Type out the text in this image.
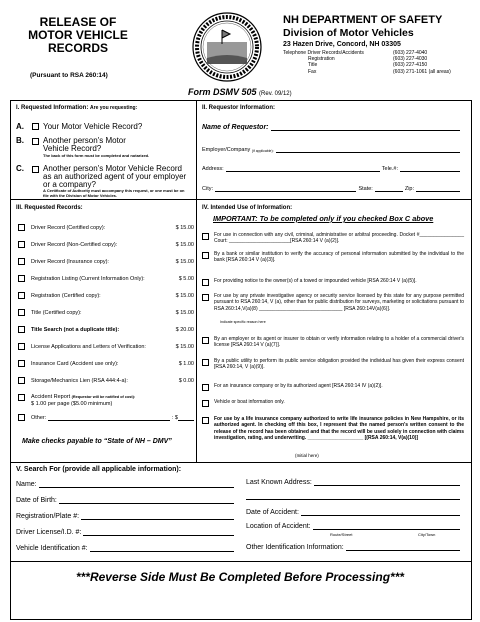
RELEASE OF
MOTOR VEHICLE
RECORDS
(Pursuant to RSA 260:14)
NH DEPARTMENT OF SAFETY
Division of Motor Vehicles
23 Hazen Drive, Concord, NH 03305
Telephone Driver Records/Accidents	(603) 227-4040
Registration	(603) 227-4030
Title	(603) 227-4150
Fax	(603) 271-1061 (all areas)
Form DSMV 505 (Rev. 09/12)
I. Requested Information: Are you requesting:
A.	Your Motor Vehicle Record?
B.	Another person's Motor Vehicle Record?
The back of this form must be completed and notarized.
C.	Another person's Motor Vehicle Record as an authorized agent of your employer or a company?
A Certificate of Authority must accompany this request, or one must be on file with the Division of Motor Vehicles.
II. Requestor Information:
Name of Requestor:
Employer/Company
(if applicable):
Address:	Tele.#:
City:	State:	Zip:
III. Requested Records:
Driver Record (Certified copy):	$ 15.00
Driver Record (Non-Certified copy):	$ 15.00
Driver Record (Insurance copy):	$ 15.00
Registration Listing (Current Information Only):	$ 5.00
Registration (Certified copy):	$ 15.00
Title (Certified copy):	$ 15.00
Title Search (not a duplicate title):	$ 20.00
License Applications and Letters of Verification:	$ 15.00
Insurance Card (Accident use only):	$ 1.00
Storage/Mechanics Lien (RSA 444:4-a):	$ 0.00
Accident Report
(Requestor will be notified of cost):
$ 1.00 per page ($5.00 minimum)
Other:	: $
Make checks payable to “State of NH – DMV”
IV. Intended Use of Information:
IMPORTANT: To be completed only if you checked Box C above
For use in connection with any civil, criminal, administrative or arbitral proceeding. Docket #________________ Court: ______________________[RSA 260:14 V (a)(2)].
By a bank or similar institution to verify the accuracy of personal information submitted by the individual to the bank [RSA 260:14 V (a)(3)].
For providing notice to the owner(s) of a towed or impounded vehicle [RSA 260:14 V (a)(5)].
For use by any private investigative agency or security service licensed by this state for any purpose permitted pursuant to RSA 260:14, V (a), other than for public distribution for surveys, marketing or solicitations pursuant to RSA 260:14,V(a)(8) ______________________________ [RSA 260:14V(a)(6)].
Indicate specific reason here
By an employer or its agent or insurer to obtain or verify information relating to a holder of a commercial driver's license [RSA 260:14 V (a)(7)].
By a public utility to perform its public service obligation provided the individual has given their express consent [RSA 260:14, V (a)(9)].
For an insurance company or by its authorized agent [RSA 260:14 IV (a)(2)].
Vehicle or boat information only.
For use by a life insurance company authorized to write life insurance policies in New Hampshire, or its authorized agent. In checking off this box, I represent that the named person's written consent to the release of the record has been obtained and that the record will be used solely in connection with claims investigation, rating, and underwriting. ____________________ [(RSA 260:14, V(a)(10)]
(Initial here)
V. Search For (provide all applicable information):
Name:
Date of Birth:
Registration/Plate #:
Driver License/I.D. #:
Vehicle Identification #:
Last Known Address:
Date of Accident:
Location of Accident:
Route/Street	City/Town
Other Identification Information:
***Reverse Side Must Be Completed Before Processing***
